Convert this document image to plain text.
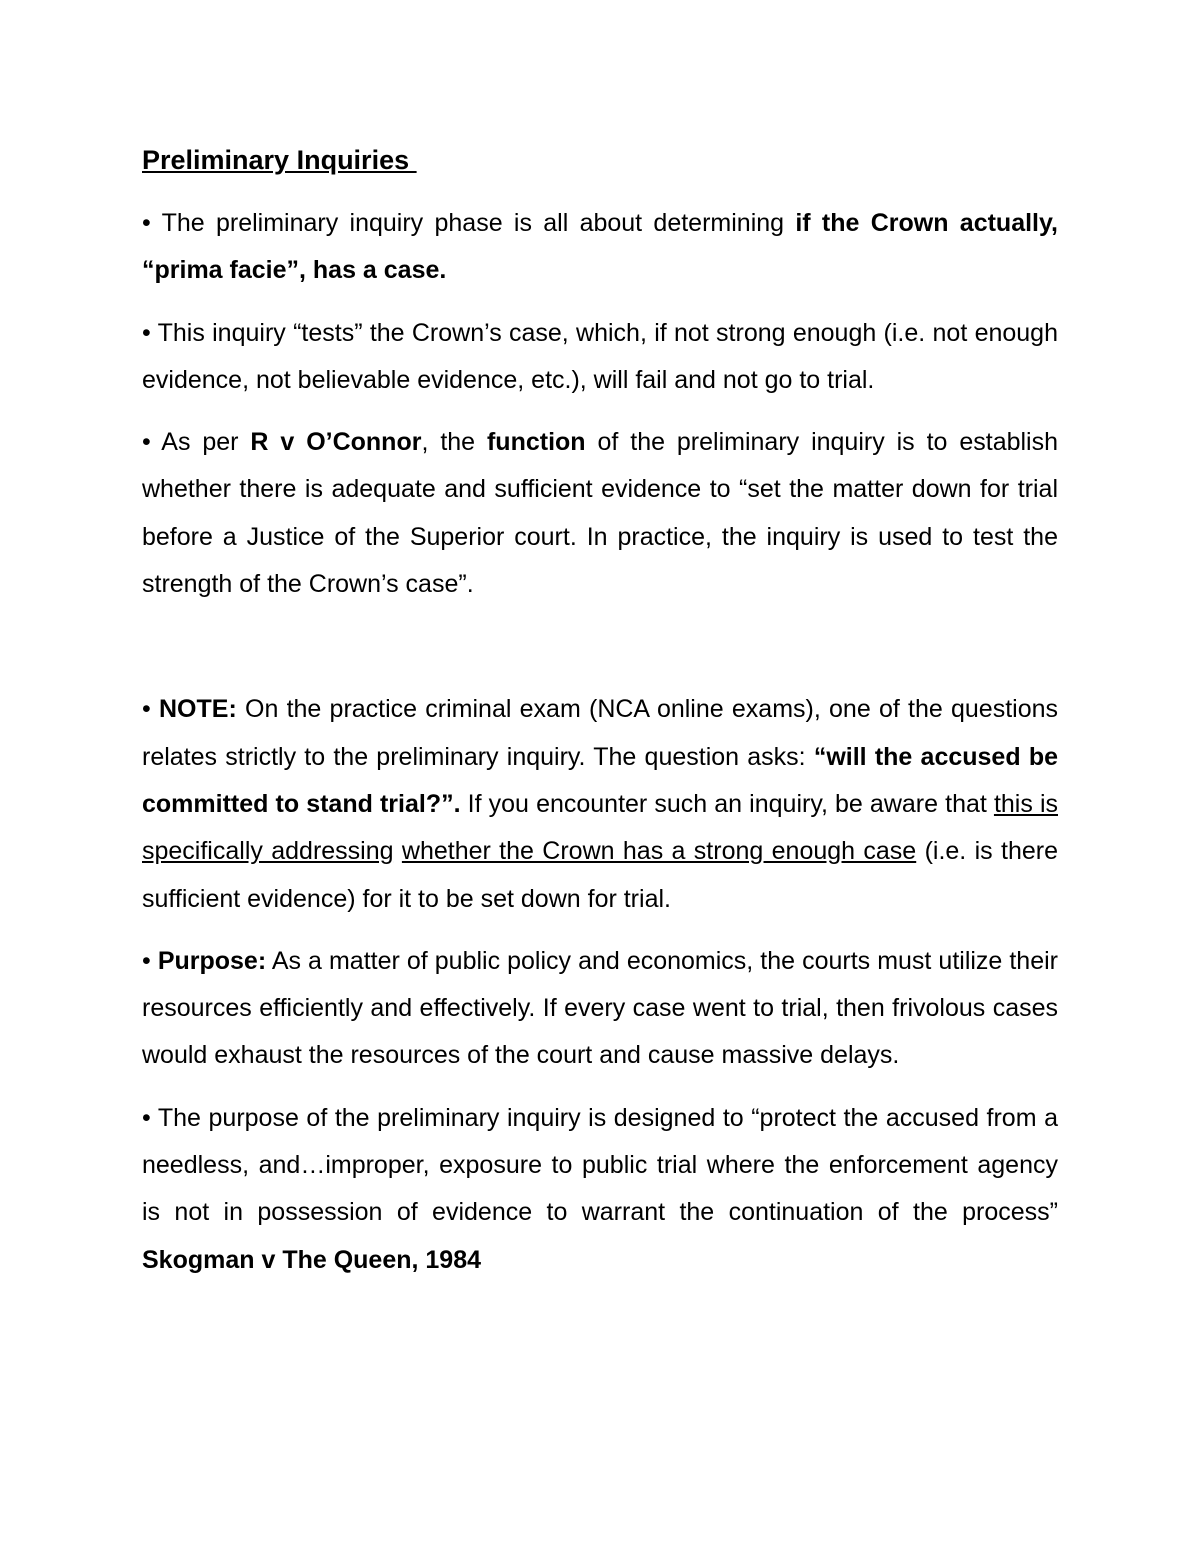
Preliminary Inquiries

• The preliminary inquiry phase is all about determining if the Crown actually, “prima facie”, has a case.

• This inquiry “tests” the Crown’s case, which, if not strong enough (i.e. not enough evidence, not believable evidence, etc.), will fail and not go to trial.

• As per R v O’Connor, the function of the preliminary inquiry is to establish whether there is adequate and sufficient evidence to “set the matter down for trial before a Justice of the Superior court. In practice, the inquiry is used to test the strength of the Crown’s case”.

• NOTE: On the practice criminal exam (NCA online exams), one of the questions relates strictly to the preliminary inquiry. The question asks: “will the accused be committed to stand trial?”. If you encounter such an inquiry, be aware that this is specifically addressing whether the Crown has a strong enough case (i.e. is there sufficient evidence) for it to be set down for trial.

• Purpose: As a matter of public policy and economics, the courts must utilize their resources efficiently and effectively. If every case went to trial, then frivolous cases would exhaust the resources of the court and cause massive delays.

• The purpose of the preliminary inquiry is designed to “protect the accused from a needless, and…improper, exposure to public trial where the enforcement agency is not in possession of evidence to warrant the continuation of the process” Skogman v The Queen, 1984
